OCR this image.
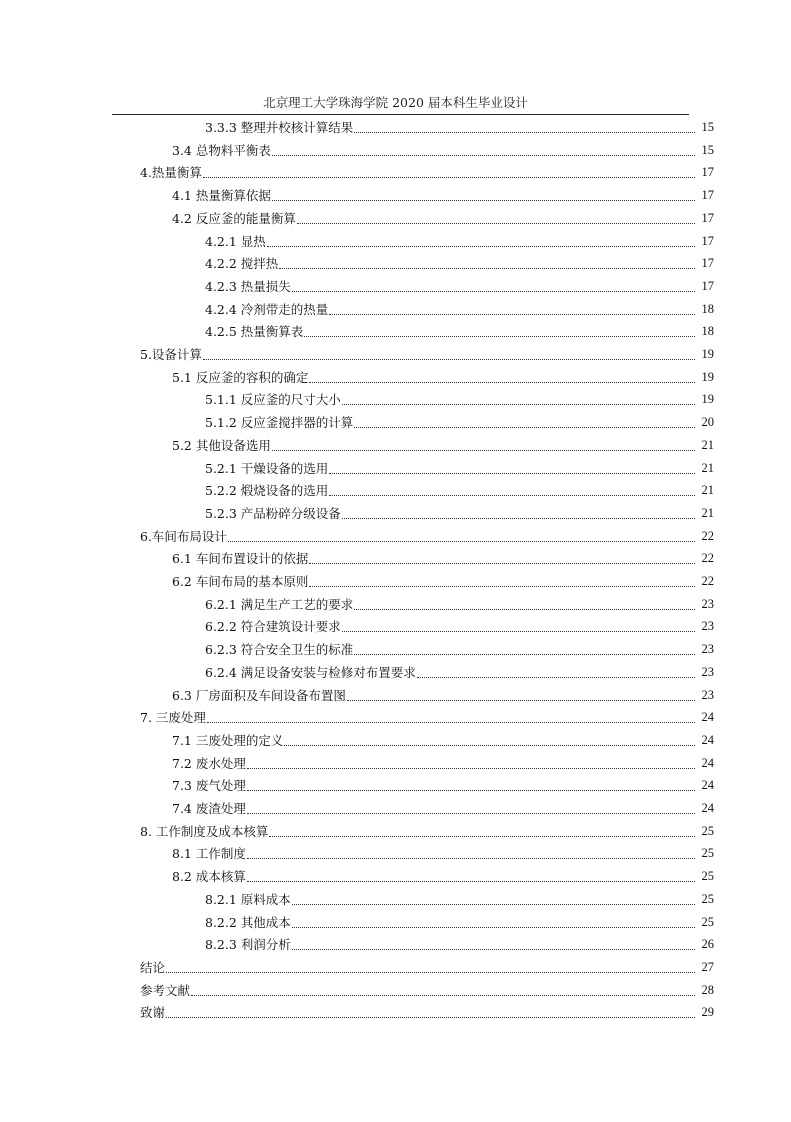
北京理工大学珠海学院 2020 届本科生毕业设计
3.3.3 整理并校核计算结果	15
3.4 总物料平衡表	15
4.热量衡算	17
4.1 热量衡算依据	17
4.2 反应釜的能量衡算	17
4.2.1 显热	17
4.2.2 搅拌热	17
4.2.3 热量损失	17
4.2.4 冷剂带走的热量	18
4.2.5 热量衡算表	18
5.设备计算	19
5.1 反应釜的容积的确定	19
5.1.1 反应釜的尺寸大小	19
5.1.2 反应釜搅拌器的计算	20
5.2 其他设备选用	21
5.2.1 干燥设备的选用	21
5.2.2 煅烧设备的选用	21
5.2.3 产品粉碎分级设备	21
6.车间布局设计	22
6.1 车间布置设计的依据	22
6.2 车间布局的基本原则	22
6.2.1 满足生产工艺的要求	23
6.2.2 符合建筑设计要求	23
6.2.3 符合安全卫生的标准	23
6.2.4 满足设备安装与检修对布置要求	23
6.3 厂房面积及车间设备布置图	23
7. 三废处理	24
7.1 三废处理的定义	24
7.2 废水处理	24
7.3 废气处理	24
7.4 废渣处理	24
8. 工作制度及成本核算	25
8.1 工作制度	25
8.2 成本核算	25
8.2.1 原料成本	25
8.2.2 其他成本	25
8.2.3 利润分析	26
结论	27
参考文献	28
致谢	29
